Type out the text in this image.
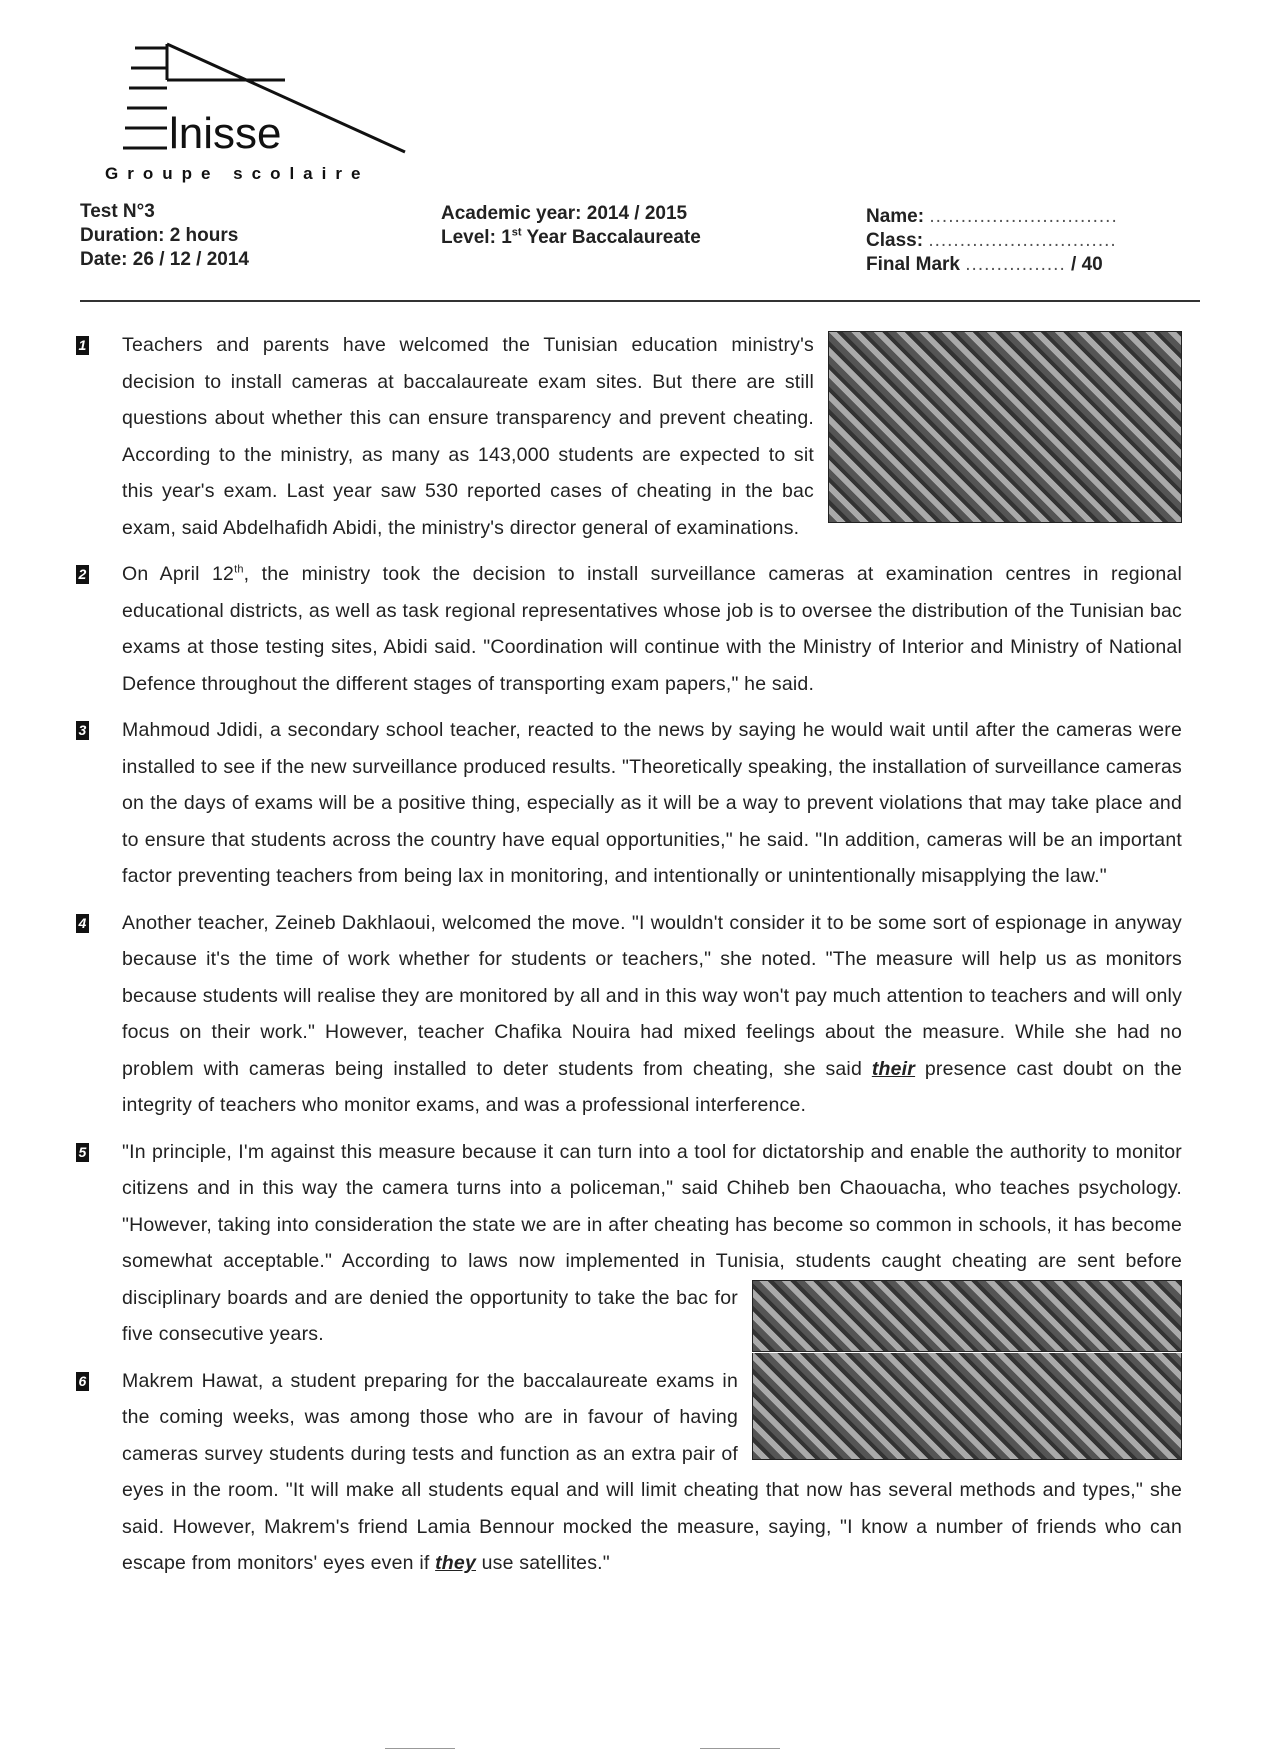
lnisse
Groupe scolaire
Test N°3
Duration: 2 hours
Date: 26 / 12 / 2014
Academic year: 2014 / 2015
Level: 1st Year Baccalaureate
Name: ..............................
Class: ..............................
Final Mark ................ / 40
1 Teachers and parents have welcomed the Tunisian education ministry's decision to install cameras at baccalaureate exam sites. But there are still questions about whether this can ensure transparency and prevent cheating. According to the ministry, as many as 143,000 students are expected to sit this year's exam. Last year saw 530 reported cases of cheating in the bac exam, said Abdelhafidh Abidi, the ministry's director general of examinations.
2 On April 12th, the ministry took the decision to install surveillance cameras at examination centres in regional educational districts, as well as task regional representatives whose job is to oversee the distribution of the Tunisian bac exams at those testing sites, Abidi said. "Coordination will continue with the Ministry of Interior and Ministry of National Defence throughout the different stages of transporting exam papers," he said.
3 Mahmoud Jdidi, a secondary school teacher, reacted to the news by saying he would wait until after the cameras were installed to see if the new surveillance produced results. "Theoretically speaking, the installation of surveillance cameras on the days of exams will be a positive thing, especially as it will be a way to prevent violations that may take place and to ensure that students across the country have equal opportunities," he said. "In addition, cameras will be an important factor preventing teachers from being lax in monitoring, and intentionally or unintentionally misapplying the law."
4 Another teacher, Zeineb Dakhlaoui, welcomed the move. "I wouldn't consider it to be some sort of espionage in anyway because it's the time of work whether for students or teachers," she noted. "The measure will help us as monitors because students will realise they are monitored by all and in this way won't pay much attention to teachers and will only focus on their work." However, teacher Chafika Nouira had mixed feelings about the measure. While she had no problem with cameras being installed to deter students from cheating, she said their presence cast doubt on the integrity of teachers who monitor exams, and was a professional interference.
5 "In principle, I'm against this measure because it can turn into a tool for dictatorship and enable the authority to monitor citizens and in this way the camera turns into a policeman," said Chiheb ben Chaouacha, who teaches psychology. "However, taking into consideration the state we are in after cheating has become so common in schools, it has become somewhat acceptable." According to laws now implemented in Tunisia, students caught cheating are sent before disciplinary boards and are denied the opportunity to take the bac for five consecutive years.
6 Makrem Hawat, a student preparing for the baccalaureate exams in the coming weeks, was among those who are in favour of having cameras survey students during tests and function as an extra pair of eyes in the room. "It will make all students equal and will limit cheating that now has several methods and types," she said. However, Makrem's friend Lamia Bennour mocked the measure, saying, "I know a number of friends who can escape from monitors' eyes even if they use satellites."
